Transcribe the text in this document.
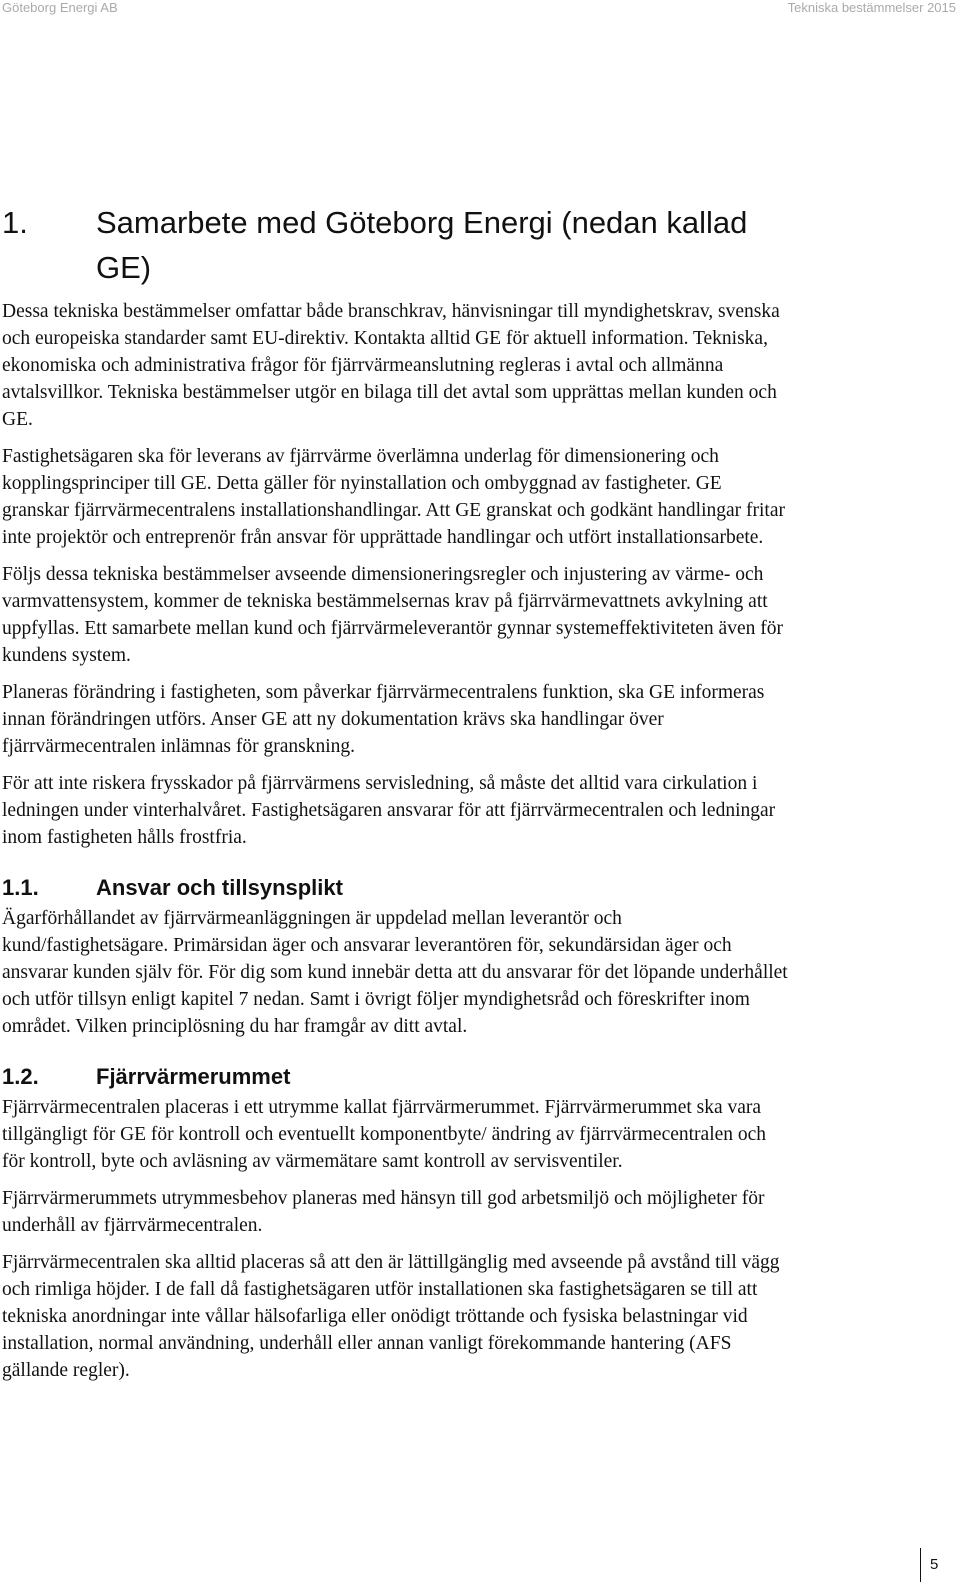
Göteborg Energi AB	Tekniska bestämmelser 2015
1.	Samarbete med Göteborg Energi (nedan kallad GE)

Dessa tekniska bestämmelser omfattar både branschkrav, hänvisningar till myndighetskrav, svenska och europeiska standarder samt EU-direktiv. Kontakta alltid GE för aktuell information. Tekniska, ekonomiska och administrativa frågor för fjärrvärmeanslutning regleras i avtal och allmänna avtalsvillkor. Tekniska bestämmelser utgör en bilaga till det avtal som upprättas mellan kunden och GE.

Fastighetsägaren ska för leverans av fjärrvärme överlämna underlag för dimensionering och kopplingsprinciper till GE. Detta gäller för nyinstallation och ombyggnad av fastigheter. GE granskar fjärrvärmecentralens installationshandlingar. Att GE granskat och godkänt handlingar fritar inte projektör och entreprenör från ansvar för upprättade handlingar och utfört installationsarbete.

Följs dessa tekniska bestämmelser avseende dimensioneringsregler och injustering av värme- och varmvattensystem, kommer de tekniska bestämmelsernas krav på fjärrvärmevattnets avkylning att uppfyllas. Ett samarbete mellan kund och fjärrvärmeleverantör gynnar systemeffektiviteten även för kundens system.

Planeras förändring i fastigheten, som påverkar fjärrvärmecentralens funktion, ska GE informeras innan förändringen utförs. Anser GE att ny dokumentation krävs ska handlingar över fjärrvärmecentralen inlämnas för granskning.

För att inte riskera frysskador på fjärrvärmens servisledning, så måste det alltid vara cirkulation i ledningen under vinterhalvåret. Fastighetsägaren ansvarar för att fjärrvärmecentralen och ledningar inom fastigheten hålls frostfria.

1.1.	Ansvar och tillsynsplikt

Ägarförhållandet av fjärrvärmeanläggningen är uppdelad mellan leverantör och kund/fastighetsägare. Primärsidan äger och ansvarar leverantören för, sekundärsidan äger och ansvarar kunden själv för. För dig som kund innebär detta att du ansvarar för det löpande underhållet och utför tillsyn enligt kapitel 7 nedan. Samt i övrigt följer myndighetsråd och föreskrifter inom området. Vilken principlösning du har framgår av ditt avtal.

1.2.	Fjärrvärmerummet

Fjärrvärmecentralen placeras i ett utrymme kallat fjärrvärmerummet. Fjärrvärmerummet ska vara tillgängligt för GE för kontroll och eventuellt komponentbyte/ ändring av fjärrvärmecentralen och för kontroll, byte och avläsning av värmemätare samt kontroll av servisventiler.

Fjärrvärmerummets utrymmesbehov planeras med hänsyn till god arbetsmiljö och möjligheter för underhåll av fjärrvärmecentralen.

Fjärrvärmecentralen ska alltid placeras så att den är lättillgänglig med avseende på avstånd till vägg och rimliga höjder. I de fall då fastighetsägaren utför installationen ska fastighetsägaren se till att tekniska anordningar inte vållar hälsofarliga eller onödigt tröttande och fysiska belastningar vid installation, normal användning, underhåll eller annan vanligt förekommande hantering (AFS gällande regler).

5
